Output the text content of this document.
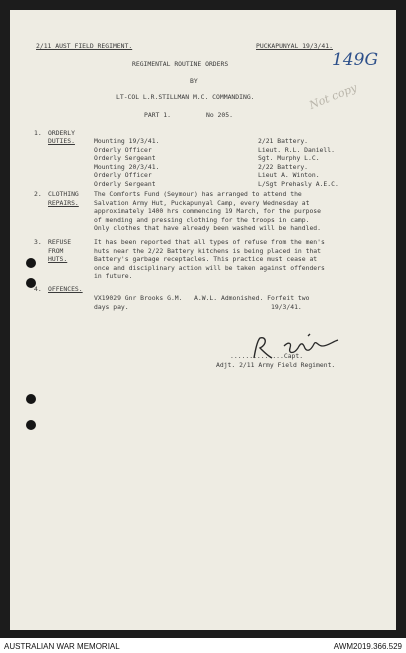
2/11 AUST FIELD REGIMENT.	PUCKAPUNYAL 19/3/41.
149G
Not copy
REGIMENTAL ROUTINE ORDERS
BY
LT-COL L.R.STILLMAN M.C. COMMANDING.
PART 1.	No 205.
1. ORDERLY
DUTIES.	Mounting 19/3/41.	2/21 Battery.
Orderly Officer	Lieut. R.L. Daniell.
Orderly Sergeant	Sgt. Murphy L.C.
Mounting 20/3/41.	2/22 Battery.
Orderly Officer	Lieut A. Winton.
Orderly Sergeant	L/Sgt Prehasly A.E.C.
2. CLOTHING
REPAIRS.
The Comforts Fund (Seymour) has arranged to attend the
Salvation Army Hut, Puckapunyal Camp, every Wednesday at
approximately 1400 hrs commencing 19 March, for the purpose
of mending and pressing clothing for the troops in camp.
Only clothes that have already been washed will be handled.
3. REFUSE
FROM
HUTS.
It has been reported that all types of refuse from the men's
huts near the 2/22 Battery kitchens is being placed in that
Battery's garbage receptacles. This practice must cease at
once and disciplinary action will be taken against offenders
in future.
4. OFFENCES.
VX19029 Gnr Brooks G.M.   A.W.L. Admonished. Forfeit two
days pay.                                     19/3/41.
..............Capt.
Adjt. 2/11 Army Field Regiment.
AUSTRALIAN WAR MEMORIAL	AWM2019.366.529
